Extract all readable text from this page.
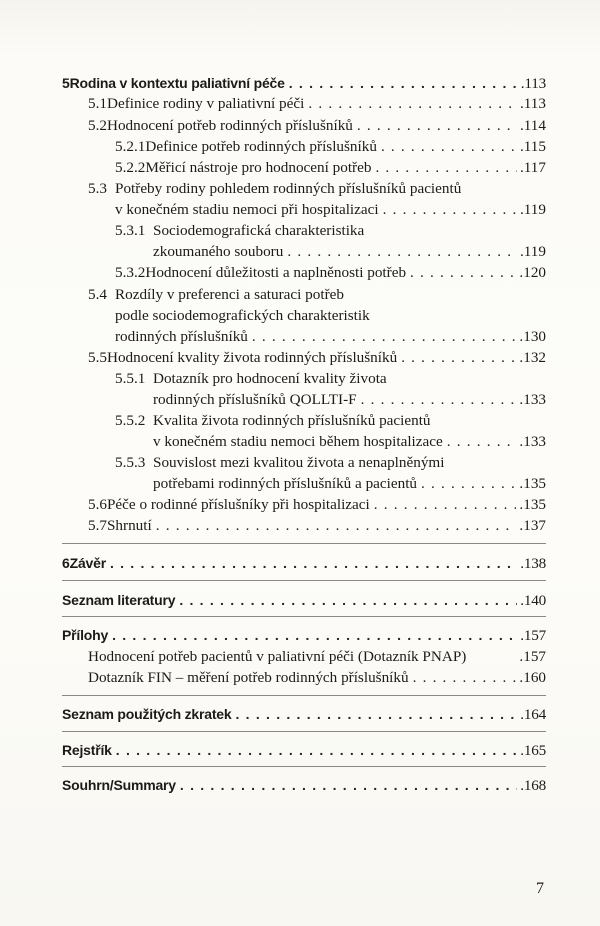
5 Rodina v kontextu paliativní péče . . .	.113
5.1 Definice rodiny v paliativní péči . . .	.113
5.2 Hodnocení potřeb rodinných příslušníků . . .	.114
5.2.1 Definice potřeb rodinných příslušníků . . .	.115
5.2.2 Měřicí nástroje pro hodnocení potřeb . . .	.117
5.3 Potřeby rodiny pohledem rodinných příslušníků pacientů
v konečném stadiu nemoci při hospitalizaci . . .	.119
5.3.1 Sociodemografická charakteristika
zkoumaného souboru . . .	.119
5.3.2 Hodnocení důležitosti a naplněnosti potřeb . . .	.120
5.4 Rozdíly v preferenci a saturaci potřeb
podle sociodemografických charakteristik
rodinných příslušníků . . .	.130
5.5 Hodnocení kvality života rodinných příslušníků . . .	.132
5.5.1 Dotazník pro hodnocení kvality života
rodinných příslušníků QOLLTI-F . . .	.133
5.5.2 Kvalita života rodinných příslušníků pacientů
v konečném stadiu nemoci během hospitalizace . . .	.133
5.5.3 Souvislost mezi kvalitou života a nenaplněnými
potřebami rodinných příslušníků a pacientů . . .	.135
5.6 Péče o rodinné příslušníky při hospitalizaci . . .	.135
5.7 Shrnutí . . .	.137
6 Závěr . . .	.138
Seznam literatury . . .	.140
Přílohy . . .	.157
Hodnocení potřeb pacientů v paliativní péči (Dotazník PNAP)	.157
Dotazník FIN – měření potřeb rodinných příslušníků . . .	.160
Seznam použitých zkratek . . .	.164
Rejstřík . . .	.165
Souhrn/Summary . . .	.168
7
